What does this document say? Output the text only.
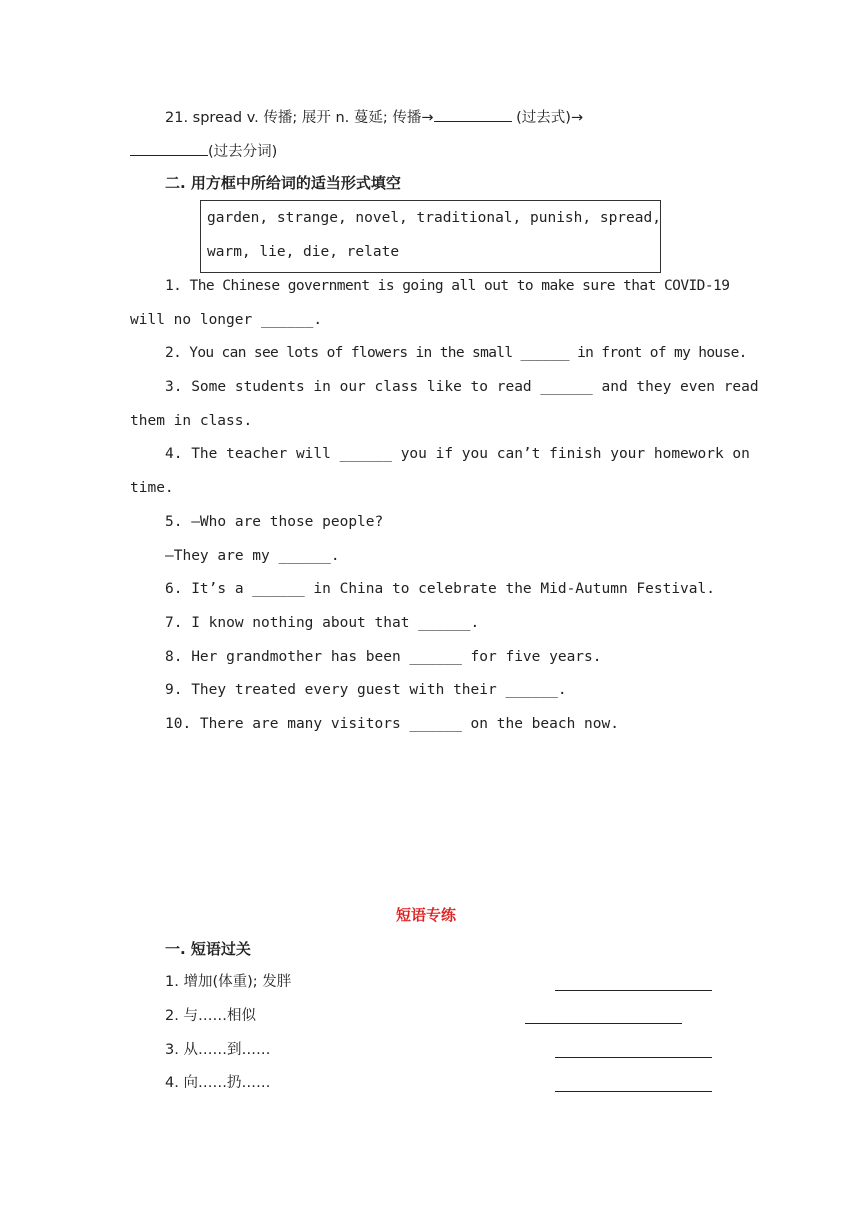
21. spread v. 传播; 展开 n. 蔓延; 传播→	(过去式)→
(过去分词)
二. 用方框中所给词的适当形式填空
garden, strange, novel, traditional, punish, spread,
warm, lie, die, relate
1. The Chinese government is going all out to make sure that COVID-19
will no longer ______.
2. You can see lots of flowers in the small ______ in front of my house.
3. Some students in our class like to read ______ and they even read
them in class.
4. The teacher will ______ you if you can’t finish your homework on
time.
5. —Who are those people?
—They are my ______.
6. It’s a ______ in China to celebrate the Mid-Autumn Festival.
7. I know nothing about that ______.
8. Her grandmother has been ______ for five years.
9. They treated every guest with their ______.
10. There are many visitors ______ on the beach now.
短语专练
一. 短语过关
1. 增加(体重); 发胖
2. 与……相似
3. 从……到……
4. 向……扔……
